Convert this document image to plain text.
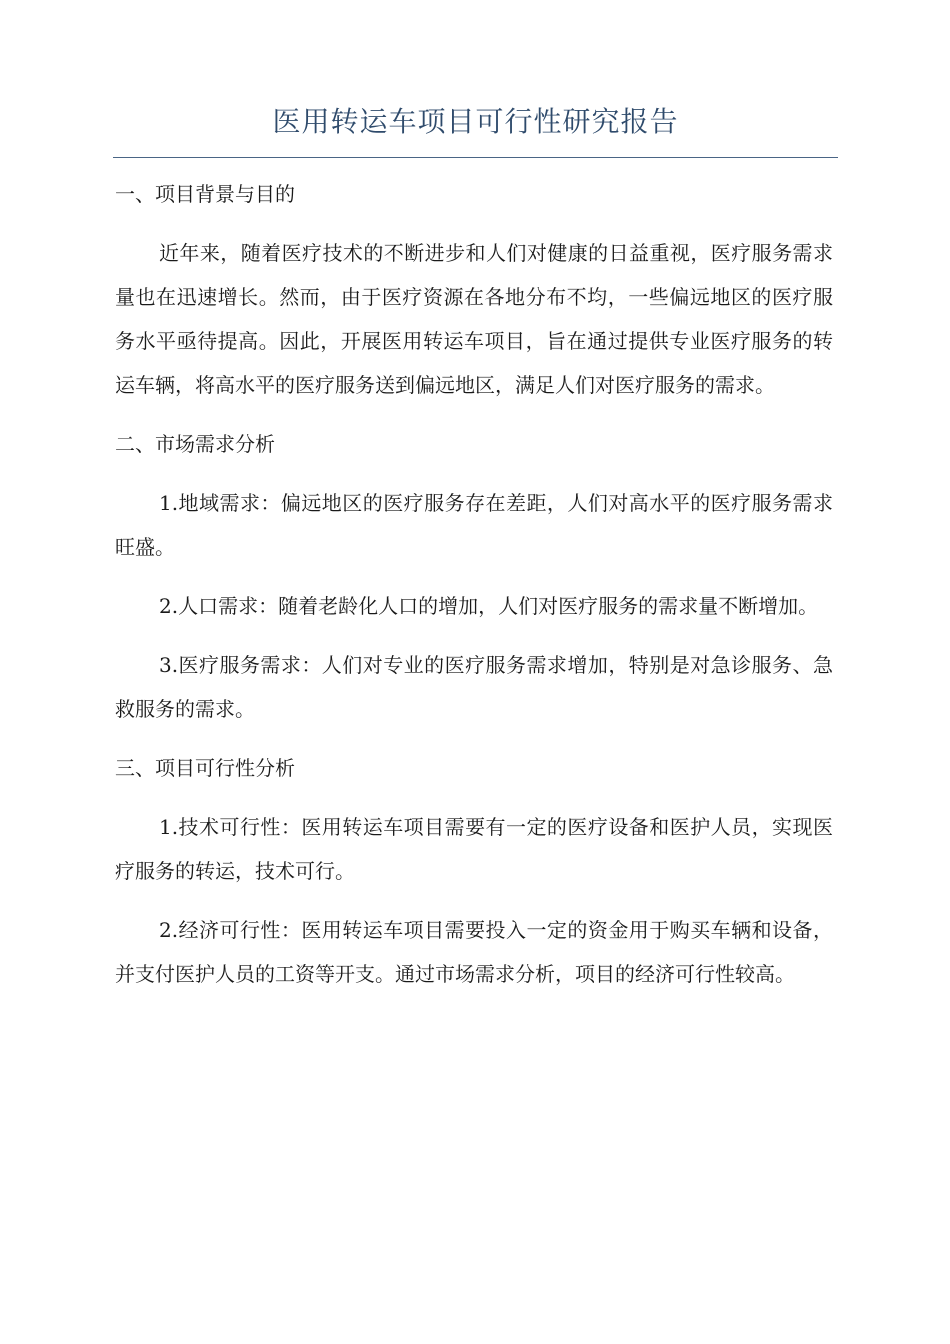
医用转运车项目可行性研究报告

一、项目背景与目的

近年来，随着医疗技术的不断进步和人们对健康的日益重视，医疗服务需求量也在迅速增长。然而，由于医疗资源在各地分布不均，一些偏远地区的医疗服务水平亟待提高。因此，开展医用转运车项目，旨在通过提供专业医疗服务的转运车辆，将高水平的医疗服务送到偏远地区，满足人们对医疗服务的需求。

二、市场需求分析

1.地域需求：偏远地区的医疗服务存在差距，人们对高水平的医疗服务需求旺盛。

2.人口需求：随着老龄化人口的增加，人们对医疗服务的需求量不断增加。

3.医疗服务需求：人们对专业的医疗服务需求增加，特别是对急诊服务、急救服务的需求。

三、项目可行性分析

1.技术可行性：医用转运车项目需要有一定的医疗设备和医护人员，实现医疗服务的转运，技术可行。

2.经济可行性：医用转运车项目需要投入一定的资金用于购买车辆和设备，并支付医护人员的工资等开支。通过市场需求分析，项目的经济可行性较高。
